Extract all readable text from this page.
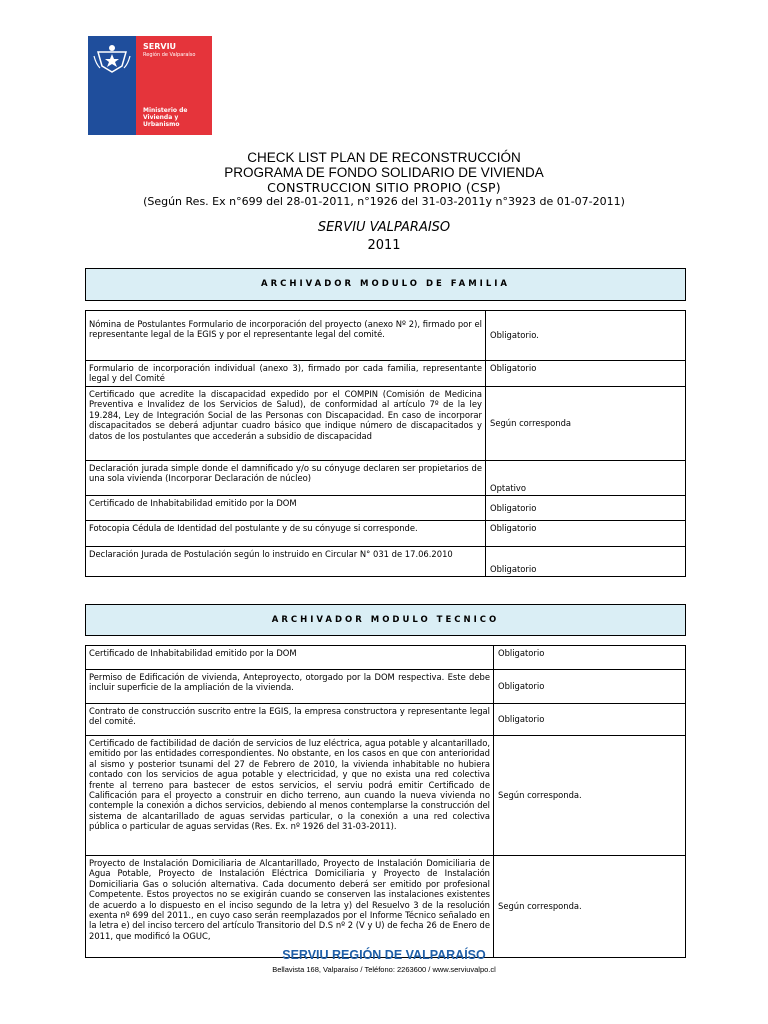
SERVIU
Región de Valparaíso
Ministerio de Vivienda y Urbanismo
CHECK LIST PLAN DE RECONSTRUCCIÓN
PROGRAMA DE FONDO SOLIDARIO DE VIVIENDA
CONSTRUCCION SITIO PROPIO (CSP)
(Según Res. Ex n°699 del 28-01-2011, n°1926 del 31-03-2011y n°3923 de 01-07-2011)
SERVIU VALPARAISO
2011
ARCHIVADOR MODULO DE FAMILIA	

Nómina de Postulantes Formulario de incorporación del proyecto (anexo Nº 2), firmado por el representante legal de la EGIS y por el representante legal del comité.	Obligatorio.
Formulario de incorporación individual (anexo 3), firmado por cada familia, representante legal y del Comité	Obligatorio
Certificado que acredite la discapacidad expedido por el COMPIN (Comisión de Medicina Preventiva e Invalidez de los Servicios de Salud), de conformidad al artículo 7º de la ley 19.284, Ley de Integración Social de las Personas con Discapacidad. En caso de incorporar discapacitados se deberá adjuntar cuadro básico que indique número de discapacitados y datos de los postulantes que accederán a subsidio de discapacidad	Según corresponda
Declaración jurada simple donde el damnificado y/o su cónyuge declaren ser propietarios de una sola vivienda (Incorporar Declaración de núcleo)	Optativo
Certificado de Inhabitabilidad emitido por la DOM	Obligatorio
Fotocopia Cédula de Identidad del postulante y de su cónyuge si corresponde.	Obligatorio
Declaración Jurada de Postulación según lo instruido en Circular N° 031 de 17.06.2010	Obligatorio
ARCHIVADOR MODULO TECNICO	

Certificado de Inhabitabilidad emitido por la DOM	Obligatorio
Permiso de Edificación de vivienda, Anteproyecto, otorgado por la DOM respectiva. Este debe incluir superficie de la ampliación de la vivienda.	Obligatorio
Contrato de construcción suscrito entre la EGIS, la empresa constructora y representante legal del comité.	Obligatorio
Certificado de factibilidad de dación de servicios de luz eléctrica, agua potable y alcantarillado, emitido por las entidades correspondientes. No obstante, en los casos en que con anterioridad al sismo y posterior tsunami del 27 de Febrero de 2010, la vivienda inhabitable no hubiera contado con los servicios de agua potable y electricidad, y que no exista una red colectiva frente al terreno para bastecer de estos servicios, el serviu podrá emitir Certificado de Calificación para el proyecto a construir en dicho terreno, aun cuando la nueva vivienda no contemple la conexión a dichos servicios, debiendo al menos contemplarse la construcción del sistema de alcantarillado de aguas servidas particular, o la conexión a una red colectiva pública o particular de aguas servidas (Res. Ex. nº 1926 del 31-03-2011).	Según corresponda.
Proyecto de Instalación Domiciliaria de Alcantarillado, Proyecto de Instalación Domiciliaria de Agua Potable, Proyecto de Instalación Eléctrica Domiciliaria y Proyecto de Instalación Domiciliaria Gas o solución alternativa. Cada documento deberá ser emitido por profesional Competente. Estos proyectos no se exigirán cuando se conserven las instalaciones existentes de acuerdo a lo dispuesto en el inciso segundo de la letra y) del Resuelvo 3 de la resolución exenta nº 699 del 2011., en cuyo caso serán reemplazados por el Informe Técnico señalado en la letra e) del inciso tercero del artículo Transitorio del D.S nº 2 (V y U) de fecha 26 de Enero de 2011, que modificó la OGUC,	Según corresponda.
SERVIU REGIÓN DE VALPARAÍSO
Bellavista 168, Valparaíso / Teléfono: 2263600 / www.serviuvalpo.cl
